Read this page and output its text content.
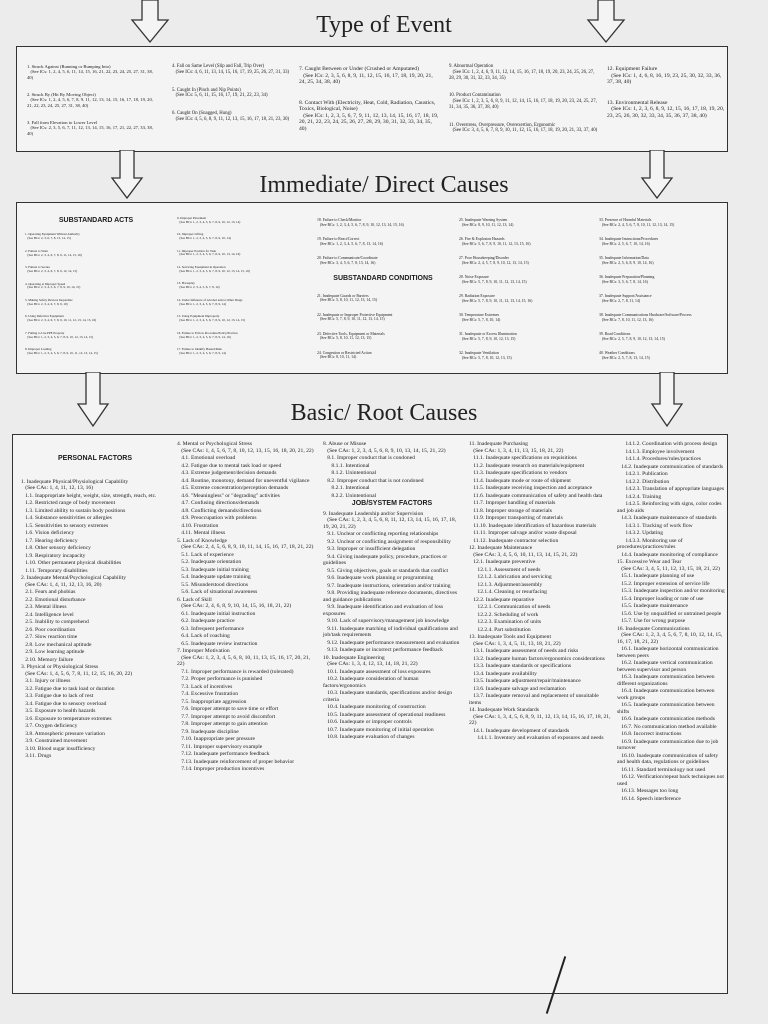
Type of Event

1. Struck Against (Running or Bumping Into)
(See ICs: 1, 2, 4, 5, 6, 11, 14, 15, 16, 21, 22, 23, 24, 25, 27, 31, 38, 40)

2. Struck By (Hit By Moving Object)
(See ICs: 1, 2, 4, 5, 6, 7, 8, 9, 11, 12, 13, 14, 15, 16, 17, 18, 19, 20, 21, 22, 23, 24, 25, 27, 31, 38, 40)

3. Fall from Elevation to Lower Level
(See ICs: 2, 3, 5, 6, 7, 11, 12, 13, 14, 15, 16, 17, 21, 22, 27, 33, 38, 40)

4. Fall on Same Level (Slip and Fall, Trip Over)
(See ICs: 4, 6, 11, 13, 14, 15, 16, 17, 19, 25, 26, 27, 31, 33)

5. Caught In (Pinch and Nip Points)
(See ICs: 5, 6, 11, 15, 16, 17, 19, 21, 22, 23, 34)

6. Caught On (Snagged, Hung)
(See ICs: 4, 5, 6, 8, 9, 11, 12, 13, 15, 16, 17, 18, 21, 23, 30)

7. Caught Between or Under (Crushed or Amputated)
(See ICs: 2, 3, 5, 6, 8, 9, 11, 12, 15, 16, 17, 18, 19, 20, 21, 24, 25, 34, 38, 40)

8. Contact With (Electricity, Heat, Cold, Radiation, Caustics, Toxics, Biological, Noise)
(See ICs: 1, 2, 3, 5, 6, 7, 9, 11, 12, 13, 14, 15, 16, 17, 18, 19, 20, 21, 22, 23, 24, 25, 26, 27, 28, 29, 30, 31, 32, 33, 34, 35, 40)

9. Abnormal Operation
(See ICs: 1, 2, 4, 6, 9, 11, 12, 14, 15, 16, 17, 18, 19, 20, 23, 24, 25, 26, 27, 28, 29, 30, 31, 32, 33, 34, 35)

10. Product Contamination
(See ICs: 1, 2, 3, 5, 6, 8, 9, 11, 12, 14, 15, 16, 17, 18, 19, 20, 23, 24, 25, 27, 31, 34, 35, 36, 37, 38, 40)

11. Overstress, Overpressure, Overexertion, Ergonomic
(See ICs: 3, 4, 5, 6, 7, 8, 9, 10, 11, 12, 15, 16, 17, 18, 19, 20, 21, 33, 37, 40)

12. Equipment Failure
(See ICs: 1, 4, 6, 8, 16, 19, 23, 25, 30, 32, 33, 36, 37, 38, 40)

13. Environmental Release
(See ICs: 1, 2, 3, 6, 8, 9, 12, 15, 16, 17, 18, 19, 20, 23, 25, 26, 30, 32, 33, 34, 35, 36, 37, 38, 40)

Immediate/ Direct Causes

SUBSTANDARD ACTS

1. Operating Equipment Without Authority
(See BCs: 2, 3, 6, 7, 8, 13, 14, 15)

2. Failure to Warn
(See BCs: 2, 3, 4, 6, 7, 8, 9, 11, 14, 15, 16)

3. Failure to Secure
(See BCs: 2, 3, 4, 6, 7, 8, 9, 12, 14, 15)

4. Operating at Improper Speed
(See BCs: 2, 3, 4, 5, 6, 7, 8, 9, 10, 14, 15)

5. Making Safety Devices Inoperable
(See BCs: 2, 3, 4, 6, 7, 8, 9, 10)

6. Using Defective Equipment
(See BCs: 2, 3, 4, 6, 7, 8, 9, 10, 11, 12, 13, 14, 15, 16)

7. Failing to Use PPE Properly
(See BCs: 1, 2, 3, 4, 5, 6, 7, 8, 9, 10, 12, 13, 14, 15)

8. Improper Loading
(See BCs: 1, 2, 3, 4, 5, 6, 7, 8, 9, 10, 11, 12, 13, 14, 15)

9. Improper Placement
(See BCs: 1, 2, 3, 4, 5, 6, 7, 8, 9, 10, 12, 13, 14)

10. Improper Lifting
(See BCs: 1, 2, 3, 4, 5, 6, 7, 8, 9, 10, 14)

11. Improper Position for Task
(See BCs: 1, 2, 3, 4, 5, 6, 7, 8, 9, 10, 13, 14, 16)

12. Servicing Equipment in Operation
(See BCs: 1, 2, 3, 4, 5, 6, 7, 8, 9, 10, 12, 13, 14, 15, 16)

13. Horseplay
(See BCs: 2, 3, 4, 5, 6, 7, 8, 14)

14. Under Influence of Alcohol and/or Other Drugs
(See BCs: 1, 2, 3, 4, 5, 6, 7, 8, 9, 14)

15. Using Equipment Improperly
(See BCs: 1, 2, 3, 4, 5, 6, 7, 8, 9, 10, 12, 13, 14, 15)

16. Failure to Follow Procedure/Policy/Practice
(See BCs: 1, 2, 3, 4, 5, 6, 7, 8, 9, 14, 16)

17. Failure to Identify Hazard/Risk
(See BCs: 1, 2, 3, 4, 5, 6, 7, 8, 9, 14)

18. Failure to Check/Monitor
(See BCs: 1, 2, 3, 4, 5, 6, 7, 8, 9, 10, 12, 13, 14, 15, 16)

19. Failure to React/Correct
(See BCs: 1, 2, 3, 4, 5, 6, 7, 8, 13, 14, 16)

20. Failure to Communicate/Coordinate
(See BCs: 3, 4, 5, 6, 7, 8, 13, 14, 16)

SUBSTANDARD CONDITIONS

21. Inadequate Guards or Barriers
(See BCs: 5, 8, 10, 11, 12, 13, 14, 15)

22. Inadequate or Improper Protective Equipment
(See BCs: 5, 7, 8, 9, 10, 11, 12, 13, 14, 15)

23. Defective Tools, Equipment or Materials
(See BCs: 5, 8, 10, 11, 12, 13, 15)

24. Congestion or Restricted Action
(See BCs: 8, 10, 11, 14)

25. Inadequate Warning System
(See BCs: 8, 9, 10, 11, 12, 13, 14)

26. Fire & Explosion Hazards
(See BCs: 5, 6, 7, 8, 9, 10, 11, 12, 13, 15, 16)

27. Poor Housekeeping/Disorder
(See BCs: 2, 4, 5, 7, 8, 9, 10, 12, 13, 14, 15)

28. Noise Exposure
(See BCs: 5, 7, 8, 9, 10, 11, 12, 13, 14, 15)

29. Radiation Exposure
(See BCs: 5, 7, 8, 9, 10, 11, 12, 13, 14, 15, 16)

30. Temperature Extremes
(See BCs: 5, 7, 8, 10, 14)

31. Inadequate or Excess Illumination
(See BCs: 5, 7, 8, 9, 10, 12, 13, 15)

32. Inadequate Ventilation
(See BCs: 5, 7, 8, 10, 12, 13, 15)

33. Presence of Harmful Materials
(See BCs: 2, 4, 5, 6, 7, 8, 10, 11, 12, 13, 14, 15)

34. Inadequate Instructions/Procedures
(See BCs: 2, 5, 6, 7, 10, 14, 16)

35. Inadequate Information/Data
(See BCs: 2, 5, 6, 8, 9, 10, 14, 16)

36. Inadequate Preparation/Planning
(See BCs: 3, 5, 6, 7, 8, 14, 16)

37. Inadequate Support/Assistance
(See BCs: 2, 7, 8, 11, 14)

38. Inadequate Communications Hardware/Software/Process
(See BCs: 7, 8, 10, 11, 12, 13, 16)

39. Road Conditions
(See BCs: 2, 5, 7, 8, 9, 10, 12, 13, 14, 15)

40. Weather Conditions
(See BCs: 2, 5, 7, 8, 13, 14, 15)

Basic/ Root Causes

PERSONAL FACTORS

1. Inadequate Physical/Physiological Capability
(See CAs: 1, 4, 11, 12, 13, 16)
1.1. Inappropriate height, weight, size, strength, reach, etc.
1.2. Restricted range of body movement
1.3. Limited ability to sustain body positions
1.4. Substance sensitivities or allergies
1.5. Sensitivities to sensory extremes
1.6. Vision deficiency
1.7. Hearing deficiency
1.8. Other sensory deficiency
1.9. Respiratory incapacity
1.10. Other permanent physical disabilities
1.11. Temporary disabilities
2. Inadequate Mental/Psychological Capability
(See CAs: 1, 4, 11, 12, 13, 16, 20)
2.1. Fears and phobias
2.2. Emotional disturbance
2.3. Mental illness
2.4. Intelligence level
2.5. Inability to comprehend
2.6. Poor coordination
2.7. Slow reaction time
2.8. Low mechanical aptitude
2.9. Low learning aptitude
2.10. Memory failure
3. Physical or Physiological Stress
(See CAs: 1, 4, 5, 6, 7, 8, 11, 12, 15, 16, 20, 22)
3.1. Injury or illness
3.2. Fatigue due to task load or duration
3.3. Fatigue due to lack of rest
3.4. Fatigue due to sensory overload
3.5. Exposure to health hazards
3.6. Exposure to temperature extremes
3.7. Oxygen deficiency
3.8. Atmospheric pressure variation
3.9. Constrained movement
3.10. Blood sugar insufficiency
3.11. Drugs
4. Mental or Psychological Stress
(See CAs: 1, 4, 5, 6, 7, 8, 10, 12, 13, 15, 16, 18, 20, 21, 22)
4.1. Emotional overload
4.2. Fatigue due to mental task load or speed
4.3. Extreme judgement/decision demands
4.4. Routine, monotony, demand for uneventful vigilance
4.5. Extreme concentration/perception demands
4.6. "Meaningless" or "degrading" activities
4.7. Confusing directions/demands
4.8. Conflicting demands/directions
4.9. Preoccupation with problems
4.10. Frustration
4.11. Mental illness
5. Lack of Knowledge
(See CAs: 2, 4, 5, 6, 8, 9, 10, 11, 14, 15, 16, 17, 18, 21, 22)
5.1. Lack of experience
5.2. Inadequate orientation
5.3. Inadequate initial training
5.4. Inadequate update training
5.5. Misunderstood directions
5.6. Lack of situational awareness
6. Lack of Skill
(See CAs: 2, 4, 6, 8, 9, 10, 14, 15, 16, 18, 21, 22)
6.1. Inadequate initial instruction
6.2. Inadequate practice
6.3. Infrequent performance
6.4. Lack of coaching
6.5. Inadequate review instruction
7. Improper Motivation
(See CAs: 1, 2, 3, 4, 5, 6, 8, 10, 11, 13, 15, 16, 17, 20, 21, 22)
7.1. Improper performance is rewarded (tolerated)
7.2. Proper performance is punished
7.3. Lack of incentives
7.4. Excessive frustration
7.5. Inappropriate aggression
7.6. Improper attempt to save time or effort
7.7. Improper attempt to avoid discomfort
7.8. Improper attempt to gain attention
7.9. Inadequate discipline
7.10. Inappropriate peer pressure
7.11. Improper supervisory example
7.12. Inadequate performance feedback
7.13. Inadequate reinforcement of proper behavior
7.14. Improper production incentives
8. Abuse or Misuse
(See CAs: 1, 2, 3, 4, 5, 6, 8, 9, 10, 13, 14, 15, 21, 22)
8.1. Improper conduct that is condoned
8.1.1. Intentional
8.1.2. Unintentional
8.2. Improper conduct that is not condoned
8.2.1. Intentional
8.2.2. Unintentional
JOB/SYSTEM FACTORS
9. Inadequate Leadership and/or Supervision
(See CAs: 1, 2, 3, 4, 5, 6, 8, 11, 12, 13, 14, 15, 16, 17, 18, 19, 20, 21, 22)
9.1. Unclear or conflicting reporting relationships
9.2. Unclear or conflicting assignment of responsibility
9.3. Improper or insufficient delegation
9.4. Giving inadequate policy, procedure, practices or guidelines
9.5. Giving objectives, goals or standards that conflict
9.6. Inadequate work planning or programming
9.7. Inadequate instructions, orientation and/or training
9.8. Providing inadequate reference documents, directives and guidance publications
9.9. Inadequate identification and evaluation of loss exposures
9.10. Lack of supervisory/management job knowledge
9.11. Inadequate matching of individual qualifications and job/task requirements
9.12. Inadequate performance measurement and evaluation
9.13. Inadequate or incorrect performance feedback
10. Inadequate Engineering
(See CAs: 1, 3, 4, 12, 13, 14, 18, 21, 22)
10.1. Inadequate assessment of loss exposures
10.2. Inadequate consideration of human factors/ergonomics
10.3. Inadequate standards, specifications and/or design criteria
10.4. Inadequate monitoring of construction
10.5. Inadequate assessment of operational readiness
10.6. Inadequate or improper controls
10.7. Inadequate monitoring of initial operation
10.8. Inadequate evaluation of changes
11. Inadequate Purchasing
(See CAs: 1, 3, 4, 11, 13, 15, 18, 21, 22)
11.1. Inadequate specifications on requisitions
11.2. Inadequate research on materials/equipment
11.3. Inadequate specifications to vendors
11.4. Inadequate mode or route of shipment
11.5. Inadequate receiving inspection and acceptance
11.6. Inadequate communication of safety and health data
11.7. Improper handling of materials
11.8. Improper storage of materials
11.9. Improper transporting of materials
11.10. Inadequate identification of hazardous materials
11.11. Improper salvage and/or waste disposal
11.12. Inadequate contractor selection
12. Inadequate Maintenance
(See CAs: 3, 4, 5, 6, 10, 11, 13, 14, 15, 21, 22)
12.1. Inadequate preventive
12.1.1. Assessment of needs
12.1.2. Lubrication and servicing
12.1.3. Adjustment/assembly
12.1.4. Cleaning or resurfacing
12.2. Inadequate reparative
12.2.1. Communication of needs
12.2.2. Scheduling of work
12.2.3. Examination of units
12.2.4. Part substitution
13. Inadequate Tools and Equipment
(See CAs: 1, 3, 4, 5, 11, 13, 18, 21, 22)
13.1. Inadequate assessment of needs and risks
13.2. Inadequate human factors/ergonomics considerations
13.3. Inadequate standards or specifications
13.4. Inadequate availability
13.5. Inadequate adjustment/repair/maintenance
13.6. Inadequate salvage and reclamation
13.7. Inadequate removal and replacement of unsuitable items
14. Inadequate Work Standards
(See CAs: 1, 3, 4, 5, 6, 8, 9, 11, 12, 13, 14, 15, 16, 17, 18, 21, 22)
14.1. Inadequate development of standards
14.1.1. Inventory and evaluation of exposures and needs
14.1.2. Coordination with process design
14.1.3. Employee involvement
14.1.4. Procedures/rules/practices
14.2. Inadequate communication of standards
14.2.1. Publication
14.2.2. Distribution
14.2.3. Translation of appropriate languages
14.2.4. Training
14.2.5. Reinforcing with signs, color codes and job aids
14.3. Inadequate maintenance of standards
14.3.1. Tracking of work flow
14.3.2. Updating
14.3.3. Monitoring use of procedures/practices/rules
14.4. Inadequate monitoring of compliance
15. Excessive Wear and Tear
(See CAs: 3, 4, 5, 11, 12, 13, 15, 18, 21, 22)
15.1. Inadequate planning of use
15.2. Improper extension of service life
15.3. Inadequate inspection and/or monitoring
15.4. Improper loading or rate of use
15.5. Inadequate maintenance
15.6. Use by unqualified or untrained people
15.7. Use for wrong purpose
16. Inadequate Communications
(See CAs: 1, 2, 3, 4, 5, 6, 7, 8, 10, 12, 14, 15, 16, 17, 18, 21, 22)
16.1. Inadequate horizontal communication between peers
16.2. Inadequate vertical communication between supervisor and person
16.3. Inadequate communication between different organizations
16.4. Inadequate communication between work groups
16.5. Inadequate communication between shifts
16.6. Inadequate communication methods
16.7. No communication method available
16.8. Incorrect instructions
16.9. Inadequate communication due to job turnover
16.10. Inadequate communication of safety and health data, regulations or guidelines
16.11. Standard terminology not used
16.12. Verification/repeat back techniques not used
16.13. Messages too long
16.14. Speech interference
